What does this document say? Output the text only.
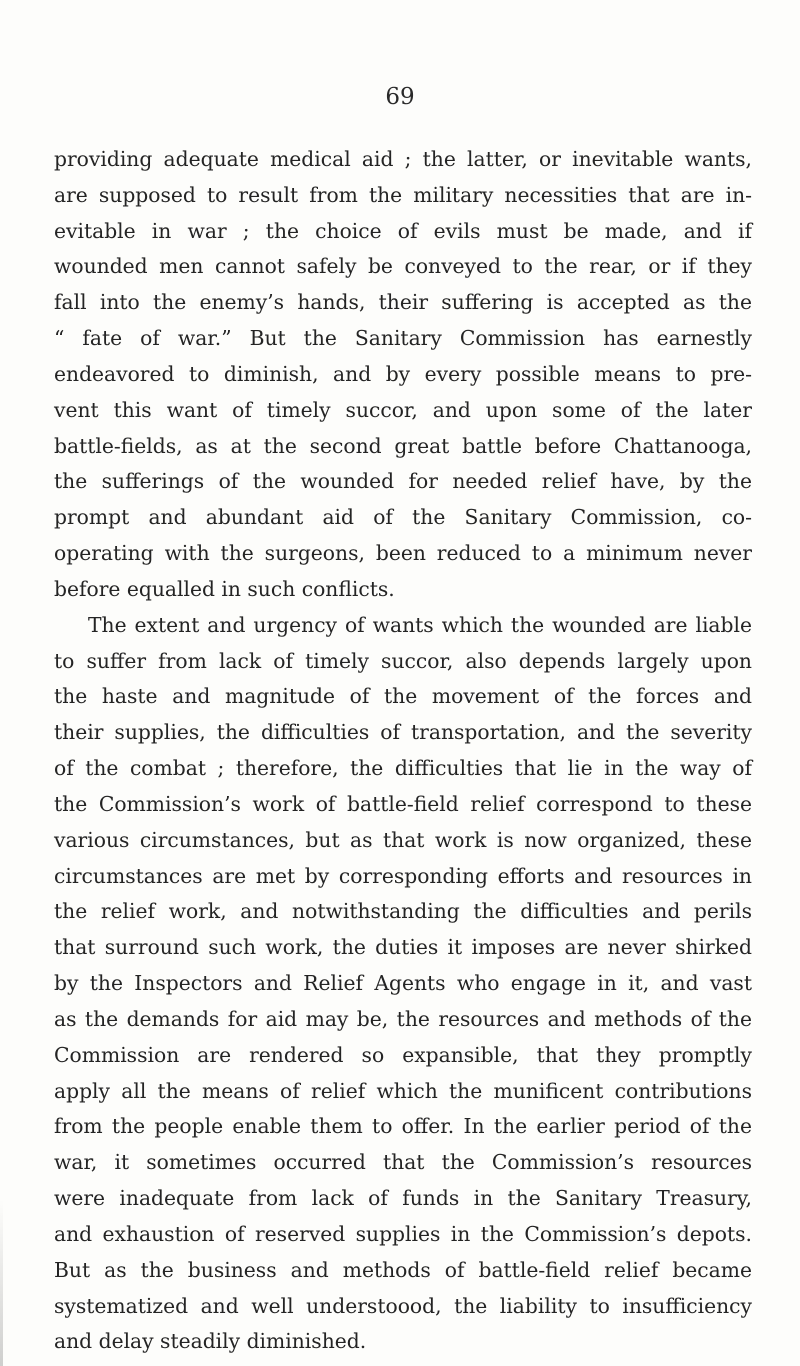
69
providing adequate medical aid ; the latter, or inevitable wants,
are supposed to result from the military necessities that are in-
evitable in war ; the choice of evils must be made, and if
wounded men cannot safely be conveyed to the rear, or if they
fall into the enemy’s hands, their suffering is accepted as the
“ fate of war.” But the Sanitary Commission has earnestly
endeavored to diminish, and by every possible means to pre-
vent this want of timely succor, and upon some of the later
battle-fields, as at the second great battle before Chattanooga,
the sufferings of the wounded for needed relief have, by the
prompt and abundant aid of the Sanitary Commission, co-
operating with the surgeons, been reduced to a minimum never
before equalled in such conflicts.
The extent and urgency of wants which the wounded are liable
to suffer from lack of timely succor, also depends largely upon
the haste and magnitude of the movement of the forces and
their supplies, the difficulties of transportation, and the severity
of the combat ; therefore, the difficulties that lie in the way of
the Commission’s work of battle-field relief correspond to these
various circumstances, but as that work is now organized, these
circumstances are met by corresponding efforts and resources in
the relief work, and notwithstanding the difficulties and perils
that surround such work, the duties it imposes are never shirked
by the Inspectors and Relief Agents who engage in it, and vast
as the demands for aid may be, the resources and methods of the
Commission are rendered so expansible, that they promptly
apply all the means of relief which the munificent contributions
from the people enable them to offer. In the earlier period of the
war, it sometimes occurred that the Commission’s resources
were inadequate from lack of funds in the Sanitary Treasury,
and exhaustion of reserved supplies in the Commission’s depots.
But as the business and methods of battle-field relief became
systematized and well understoood, the liability to insufficiency
and delay steadily diminished.
